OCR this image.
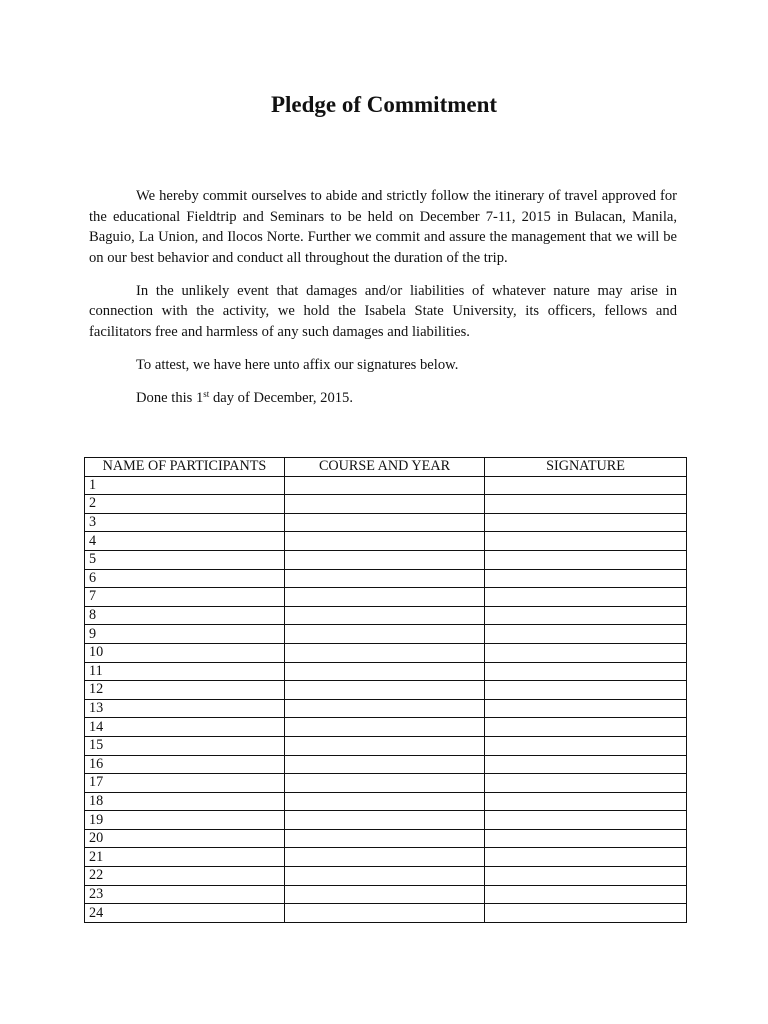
Pledge of Commitment

We hereby commit ourselves to abide and strictly follow the itinerary of travel approved for the educational Fieldtrip and Seminars to be held on December 7-11, 2015 in Bulacan, Manila, Baguio, La Union, and Ilocos Norte. Further we commit and assure the management that we will be on our best behavior and conduct all throughout the duration of the trip.

In the unlikely event that damages and/or liabilities of whatever nature may arise in connection with the activity, we hold the Isabela State University, its officers, fellows and facilitators free and harmless of any such damages and liabilities.

To attest, we have here unto affix our signatures below.

Done this 1st day of December, 2015.

NAME OF PARTICIPANTS	COURSE AND YEAR	SIGNATURE
1		
2		
3		
4		
5		
6		
7		
8		
9		
10		
11		
12		
13		
14		
15		
16		
17		
18		
19		
20		
21		
22		
23		
24		
